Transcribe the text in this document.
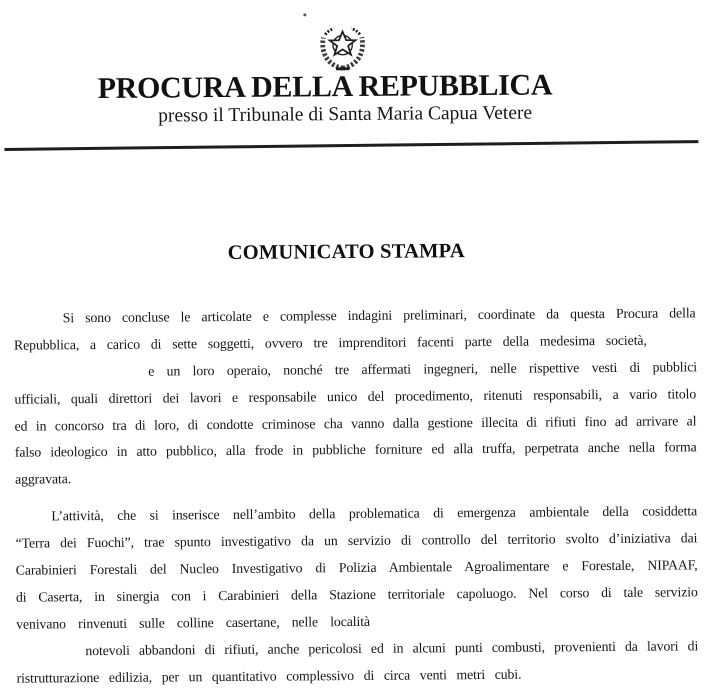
PROCURA DELLA REPUBBLICA
presso il Tribunale di Santa Maria Capua Vetere
COMUNICATO STAMPA
Si sono concluse le articolate e complesse indagini preliminari, coordinate da questa Procura della
Repubblica, a carico di sette soggetti, ovvero tre imprenditori facenti parte della medesima società,
e un loro operaio, nonché tre affermati ingegneri, nelle rispettive vesti di pubblici
ufficiali, quali direttori dei lavori e responsabile unico del procedimento, ritenuti responsabili, a vario titolo
ed in concorso tra di loro, di condotte criminose cha vanno dalla gestione illecita di rifiuti fino ad arrivare al
falso ideologico in atto pubblico, alla frode in pubbliche forniture ed alla truffa, perpetrata anche nella forma
aggravata.
L’attività, che si inserisce nell’ambito della problematica di emergenza ambientale della cosiddetta
“Terra dei Fuochi”, trae spunto investigativo da un servizio di controllo del territorio svolto d’iniziativa dai
Carabinieri Forestali del Nucleo Investigativo di Polizia Ambientale Agroalimentare e Forestale, NIPAAF,
di Caserta, in sinergia con i Carabinieri della Stazione territoriale capoluogo. Nel corso di tale servizio
venivano rinvenuti sulle colline casertane, nelle località
notevoli abbandoni di rifiuti, anche pericolosi ed in alcuni punti combusti, provenienti da lavori di
ristrutturazione edilizia, per un quantitativo complessivo di circa venti metri cubi.
